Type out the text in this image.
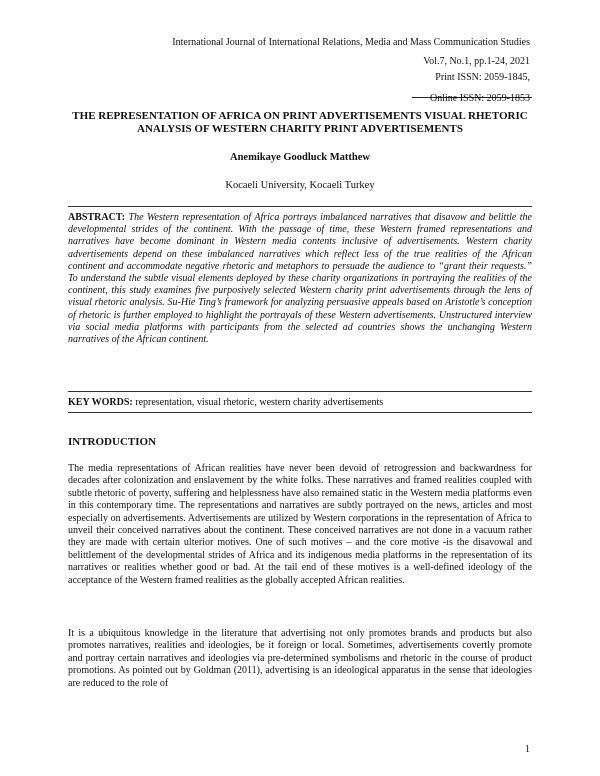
International Journal of International Relations, Media and Mass Communication Studies
Vol.7, No.1, pp.1-24, 2021
Print ISSN: 2059-1845,
Online ISSN: 2059-1853
THE REPRESENTATION OF AFRICA ON PRINT ADVERTISEMENTS VISUAL RHETORIC ANALYSIS OF WESTERN CHARITY PRINT ADVERTISEMENTS
Anemikaye Goodluck Matthew
Kocaeli University, Kocaeli Turkey
ABSTRACT: The Western representation of Africa portrays imbalanced narratives that disavow and belittle the developmental strides of the continent. With the passage of time, these Western framed representations and narratives have become dominant in Western media contents inclusive of advertisements. Western charity advertisements depend on these imbalanced narratives which reflect less of the true realities of the African continent and accommodate negative rhetoric and metaphors to persuade the audience to “grant their requests.” To understand the subtle visual elements deployed by these charity organizations in portraying the realities of the continent, this study examines five purposively selected Western charity print advertisements through the lens of visual rhetoric analysis. Su-Hie Ting’s framework for analyzing persuasive appeals based on Aristotle’s conception of rhetoric is further employed to highlight the portrayals of these Western advertisements. Unstructured interview via social media platforms with participants from the selected ad countries shows the unchanging Western narratives of the African continent.
KEY WORDS: representation, visual rhetoric, western charity advertisements
INTRODUCTION

The media representations of African realities have never been devoid of retrogression and backwardness for decades after colonization and enslavement by the white folks. These narratives and framed realities coupled with subtle rhetoric of poverty, suffering and helplessness have also remained static in the Western media platforms even in this contemporary time. The representations and narratives are subtly portrayed on the news, articles and most especially on advertisements. Advertisements are utilized by Western corporations in the representation of Africa to unveil their conceived narratives about the continent. These conceived narratives are not done in a vacuum rather they are made with certain ulterior motives. One of such motives – and the core motive -is the disavowal and belittlement of the developmental strides of Africa and its indigenous media platforms in the representation of its narratives or realities whether good or bad. At the tail end of these motives is a well-defined ideology of the acceptance of the Western framed realities as the globally accepted African realities.

It is a ubiquitous knowledge in the literature that advertising not only promotes brands and products but also promotes narratives, realities and ideologies, be it foreign or local. Sometimes, advertisements covertly promote and portray certain narratives and ideologies via pre-determined symbolisms and rhetoric in the course of product promotions. As pointed out by Goldman (2011), advertising is an ideological apparatus in the sense that ideologies are reduced to the role of

1
